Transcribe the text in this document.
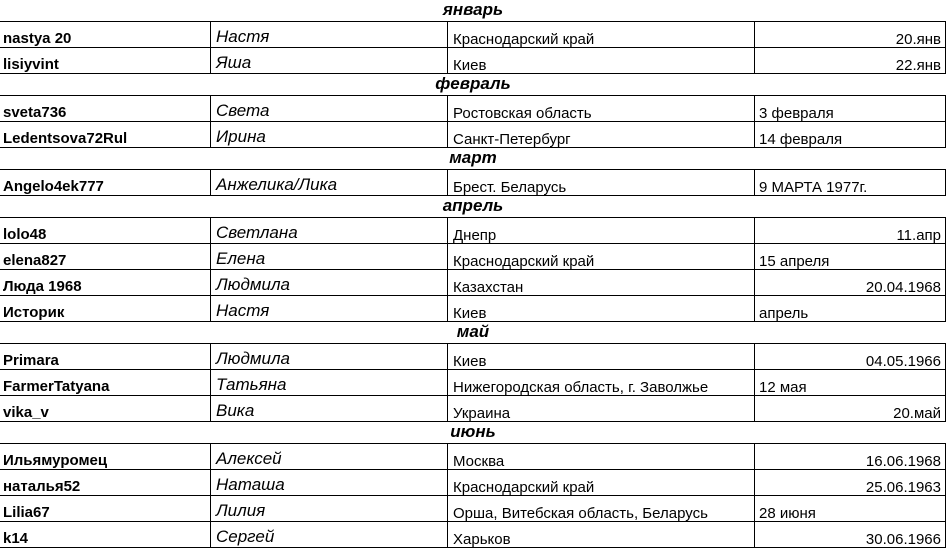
январь
nastya 20	Настя	Краснодарский край	20.янв
lisiyvint	Яша	Киев	22.янв
февраль
sveta736	Света	Ростовская область	3 февраля
Ledentsova72Rul	Ирина	Санкт-Петербург	14 февраля
март
Angelo4ek777	Анжелика/Лика	Брест. Беларусь	9 МАРТА 1977г.
апрель
lolo48	Светлана	Днепр	11.апр
elena827	Елена	Краснодарский край	15 апреля
Люда 1968	Людмила	Казахстан	20.04.1968
Историк	Настя	Киев	апрель
май
Primara	Людмила	Киев	04.05.1966
FarmerTatyana	Татьяна	Нижегородская область, г. Заволжье	12 мая
vika_v	Вика	Украина	20.май
июнь
Ильямуромец	Алексей	Москва	16.06.1968
наталья52	Наташа	Краснодарский край	25.06.1963
Lilia67	Лилия	Орша, Витебская область, Беларусь	28 июня
k14	Сергей	Харьков	30.06.1966
